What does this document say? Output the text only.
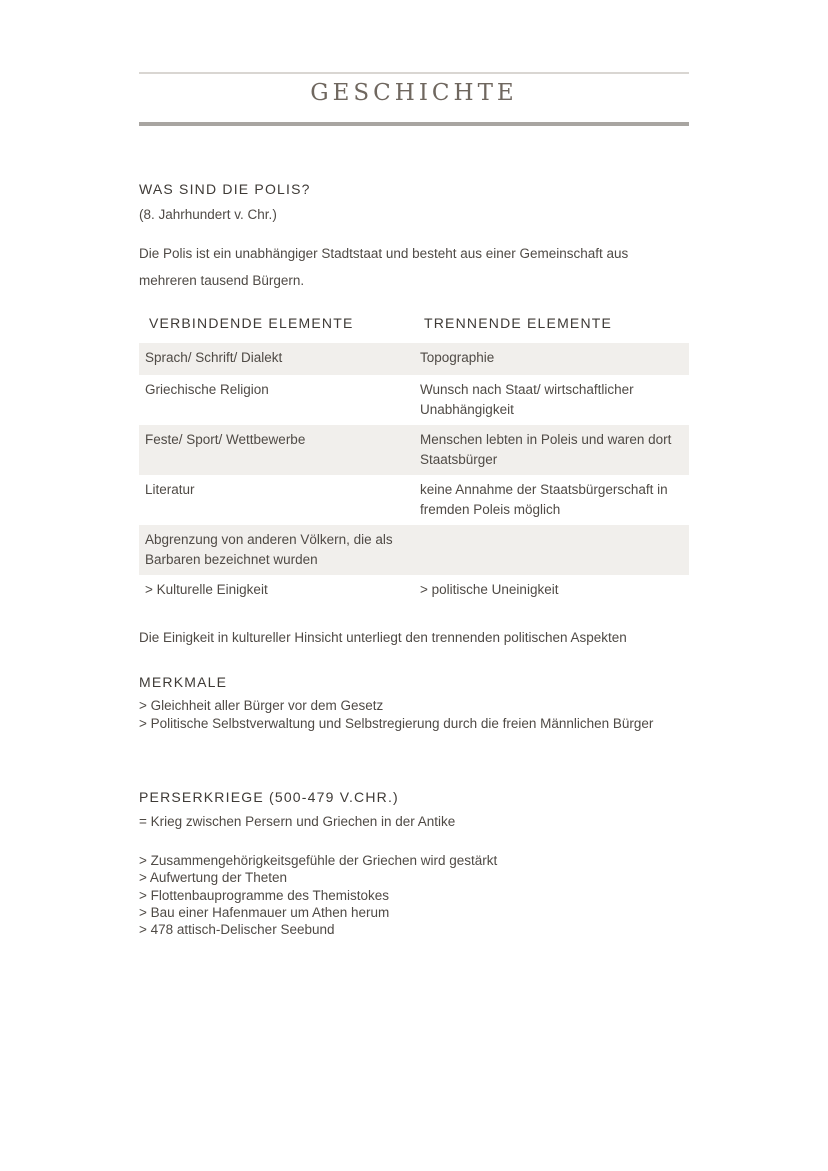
GESCHICHTE
WAS SIND DIE POLIS?
(8. Jahrhundert v. Chr.)
Die Polis ist ein unabhängiger Stadtstaat und besteht aus einer Gemeinschaft aus
mehreren tausend Bürgern.
VERBINDENDE ELEMENTE	TRENNENDE ELEMENTE
Sprach/ Schrift/ Dialekt	Topographie
Griechische Religion	Wunsch nach Staat/ wirtschaftlicher Unabhängigkeit
Feste/ Sport/ Wettbewerbe	Menschen lebten in Poleis und waren dort Staatsbürger
Literatur	keine Annahme der Staatsbürgerschaft in fremden Poleis möglich
Abgrenzung von anderen Völkern, die als Barbaren bezeichnet wurden
> Kulturelle Einigkeit	> politische Uneinigkeit
Die Einigkeit in kultureller Hinsicht unterliegt den trennenden politischen Aspekten
MERKMALE
> Gleichheit aller Bürger vor dem Gesetz
> Politische Selbstverwaltung und Selbstregierung durch die freien Männlichen Bürger
PERSERKRIEGE (500-479 V.CHR.)
= Krieg zwischen Persern und Griechen in der Antike
> Zusammengehörigkeitsgefühle der Griechen wird gestärkt
> Aufwertung der Theten
> Flottenbauprogramme des Themistokes
> Bau einer Hafenmauer um Athen herum
> 478 attisch-Delischer Seebund
